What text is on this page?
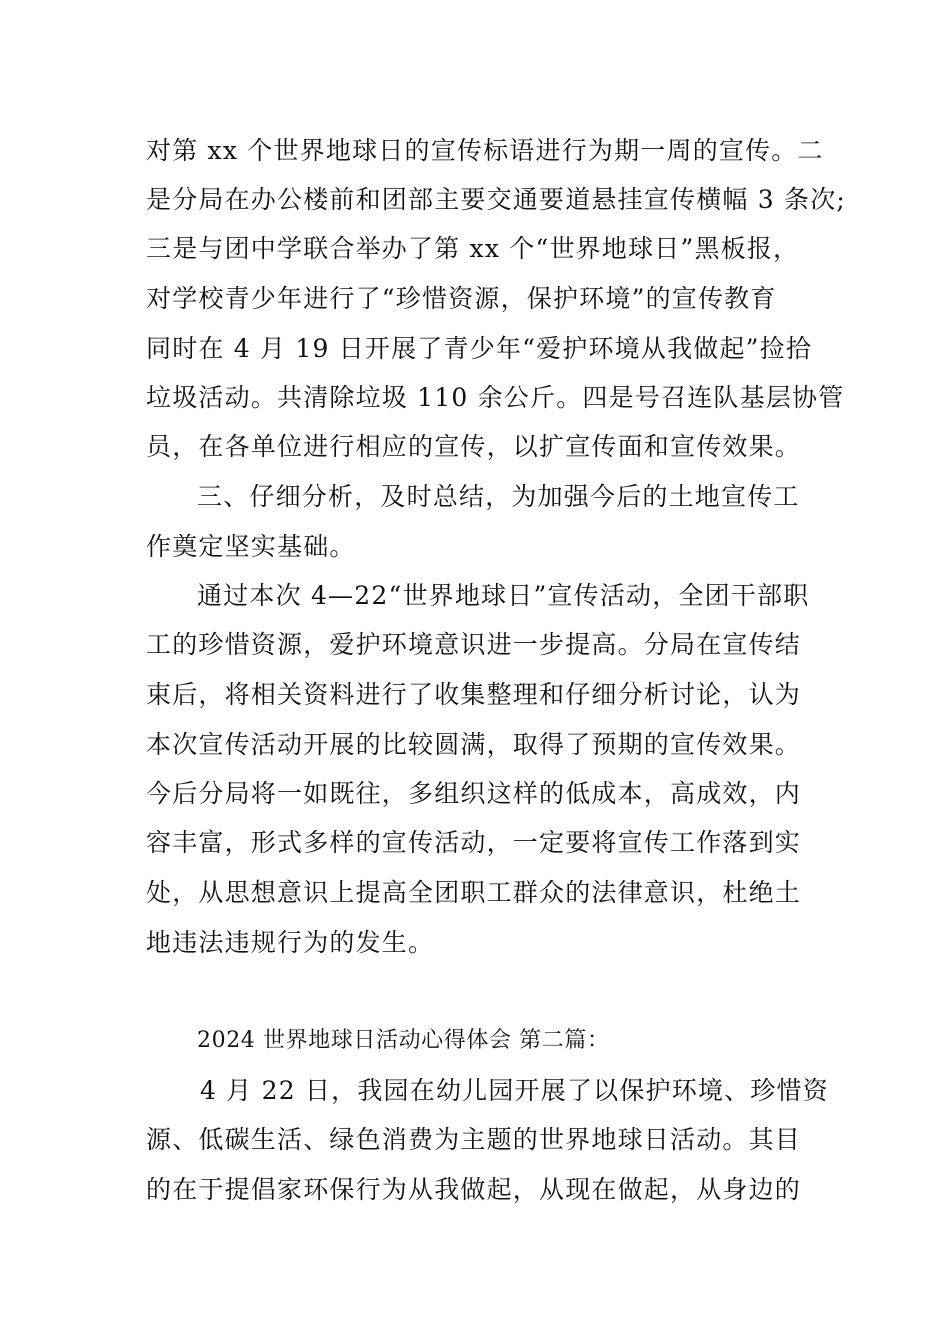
对第 xx 个世界地球日的宣传标语进行为期一周的宣传。二
是分局在办公楼前和团部主要交通要道悬挂宣传横幅 3 条次;
三是与团中学联合举办了第 xx 个“世界地球日”黑板报，
对学校青少年进行了“珍惜资源，保护环境”的宣传教育
同时在 4 月 19 日开展了青少年“爱护环境从我做起”捡拾
垃圾活动。共清除垃圾 110 余公斤。四是号召连队基层协管
员，在各单位进行相应的宣传，以扩宣传面和宣传效果。
三、仔细分析，及时总结，为加强今后的土地宣传工
作奠定坚实基础。
通过本次 4—22“世界地球日”宣传活动，全团干部职
工的珍惜资源，爱护环境意识进一步提高。分局在宣传结
束后，将相关资料进行了收集整理和仔细分析讨论，认为
本次宣传活动开展的比较圆满，取得了预期的宣传效果。
今后分局将一如既往，多组织这样的低成本，高成效，内
容丰富，形式多样的宣传活动，一定要将宣传工作落到实
处，从思想意识上提高全团职工群众的法律意识，杜绝土
地违法违规行为的发生。
2024 世界地球日活动心得体会 第二篇：
4 月 22 日，我园在幼儿园开展了以保护环境、珍惜资
源、低碳生活、绿色消费为主题的世界地球日活动。其目
的在于提倡家环保行为从我做起，从现在做起，从身边的
